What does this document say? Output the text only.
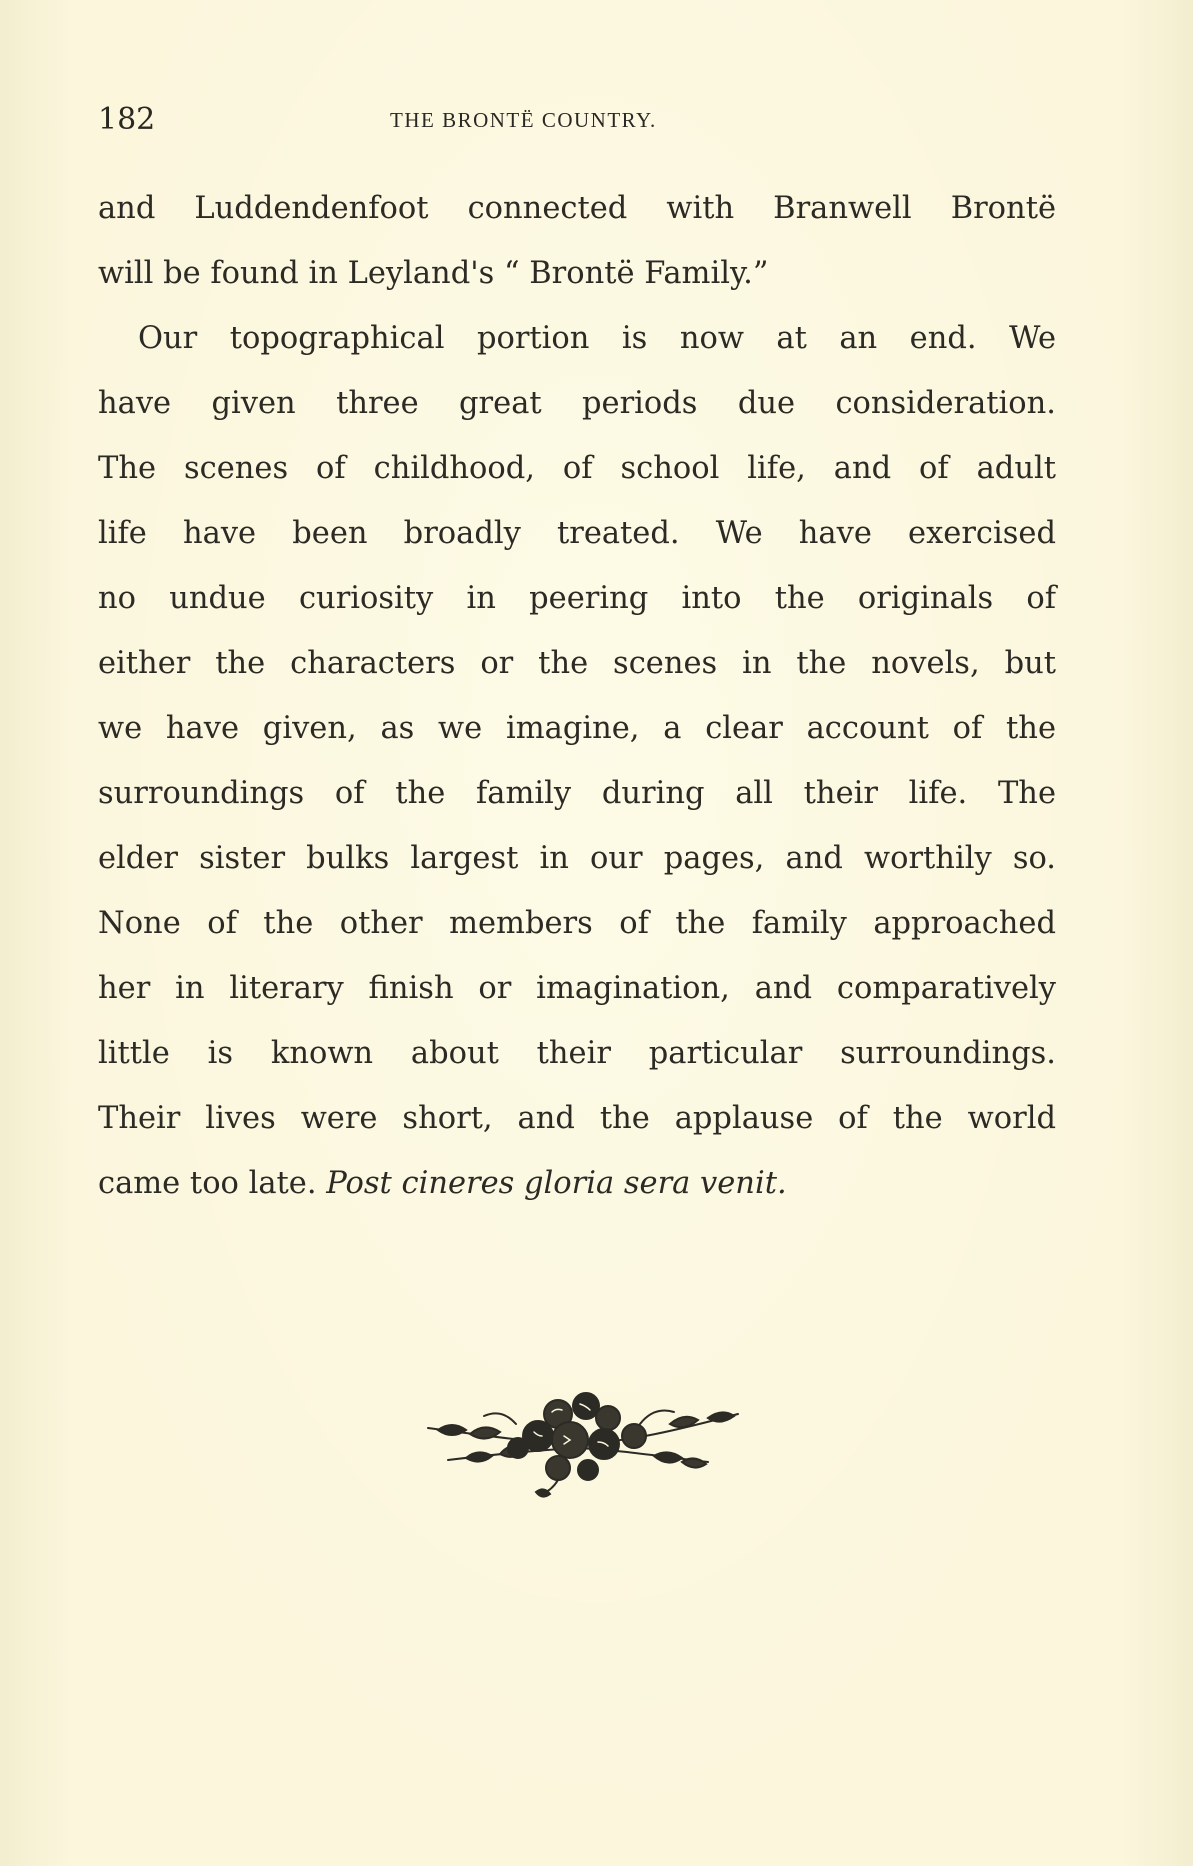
182	THE BRONTË COUNTRY.
and Luddendenfoot connected with Branwell Brontë
will be found in Leyland's “ Brontë Family.”
Our topographical portion is now at an end. We
have given three great periods due consideration.
The scenes of childhood, of school life, and of adult
life have been broadly treated. We have exercised
no undue curiosity in peering into the originals of
either the characters or the scenes in the novels, but
we have given, as we imagine, a clear account of the
surroundings of the family during all their life. The
elder sister bulks largest in our pages, and worthily so.
None of the other members of the family approached
her in literary finish or imagination, and comparatively
little is known about their particular surroundings.
Their lives were short, and the applause of the world
came too late. Post cineres gloria sera venit.
